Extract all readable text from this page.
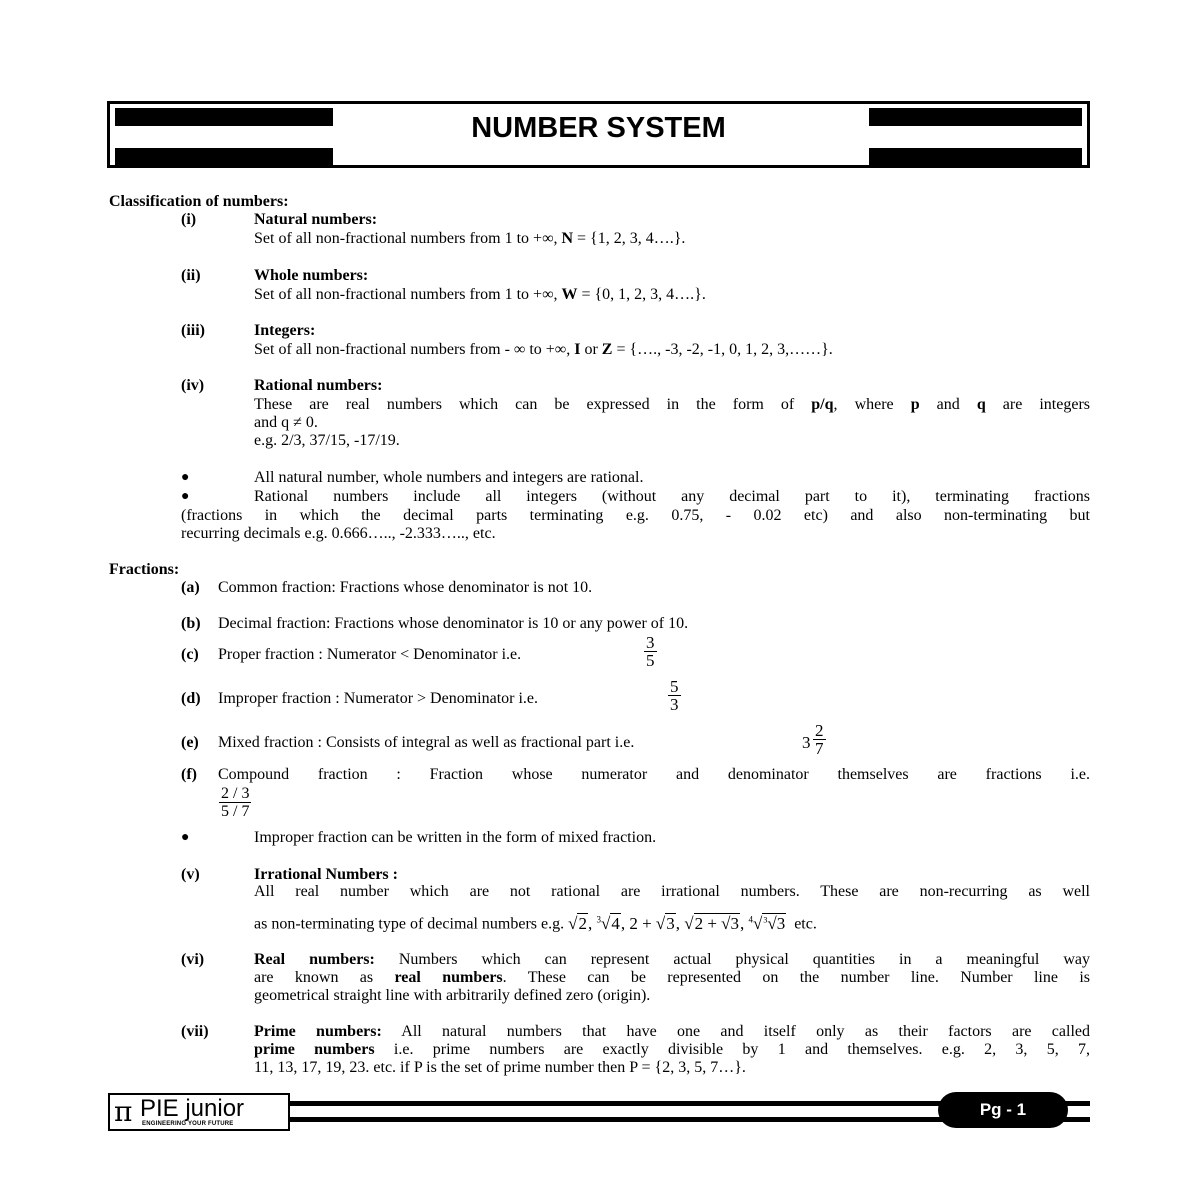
NUMBER SYSTEM
Classification of numbers:
(i)	Natural numbers:
Set of all non-fractional numbers from 1 to +∞, N = {1, 2, 3, 4….}.
(ii)	Whole numbers:
Set of all non-fractional numbers from 1 to +∞, W = {0, 1, 2, 3, 4….}.
(iii)	Integers:
Set of all non-fractional numbers from - ∞ to +∞, I or Z = {…., -3, -2, -1, 0, 1, 2, 3,……}.
(iv)	Rational numbers:
These are real numbers which can be expressed in the form of p/q, where p and q are integers
and q ≠ 0.
e.g. 2/3, 37/15, -17/19.
●	All natural number, whole numbers and integers are rational.
●	Rational numbers include all integers (without any decimal part to it), terminating fractions
(fractions in which the decimal parts terminating e.g. 0.75, - 0.02 etc) and also non-terminating but
recurring decimals e.g. 0.666….., -2.333….., etc.
Fractions:
(a) Common fraction: Fractions whose denominator is not 10.
(b) Decimal fraction: Fractions whose denominator is 10 or any power of 10.
(c) Proper fraction : Numerator < Denominator i.e.	$\frac{3}{5}$
(d) Improper fraction : Numerator > Denominator i.e.	$\frac{5}{3}$
(e) Mixed fraction : Consists of integral as well as fractional part i.e.	$3 \frac{2}{7}$
(f) Compound fraction : Fraction whose numerator and denominator themselves are fractions i.e.
$\frac{2 / 3}{5 / 7}$
●	Improper fraction can be written in the form of mixed fraction.
(v)	Irrational Numbers :
All real number which are not rational are irrational numbers. These are non-recurring as well
as non-terminating type of decimal numbers e.g. √2, $^3$√4, 2 + √3, √2 + √3, $^4$√$^3$√3 etc.
(vi)	Real numbers: Numbers which can represent actual physical quantities in a meaningful way
are known as real numbers. These can be represented on the number line. Number line is
geometrical straight line with arbitrarily defined zero (origin).
(vii)	Prime numbers: All natural numbers that have one and itself only as their factors are called
prime numbers i.e. prime numbers are exactly divisible by 1 and themselves. e.g. 2, 3, 5, 7,
11, 13, 17, 19, 23. etc. if P is the set of prime number then P = {2, 3, 5, 7…}.
π PIE junior
ENGINEERING YOUR FUTURE
Pg - 1
